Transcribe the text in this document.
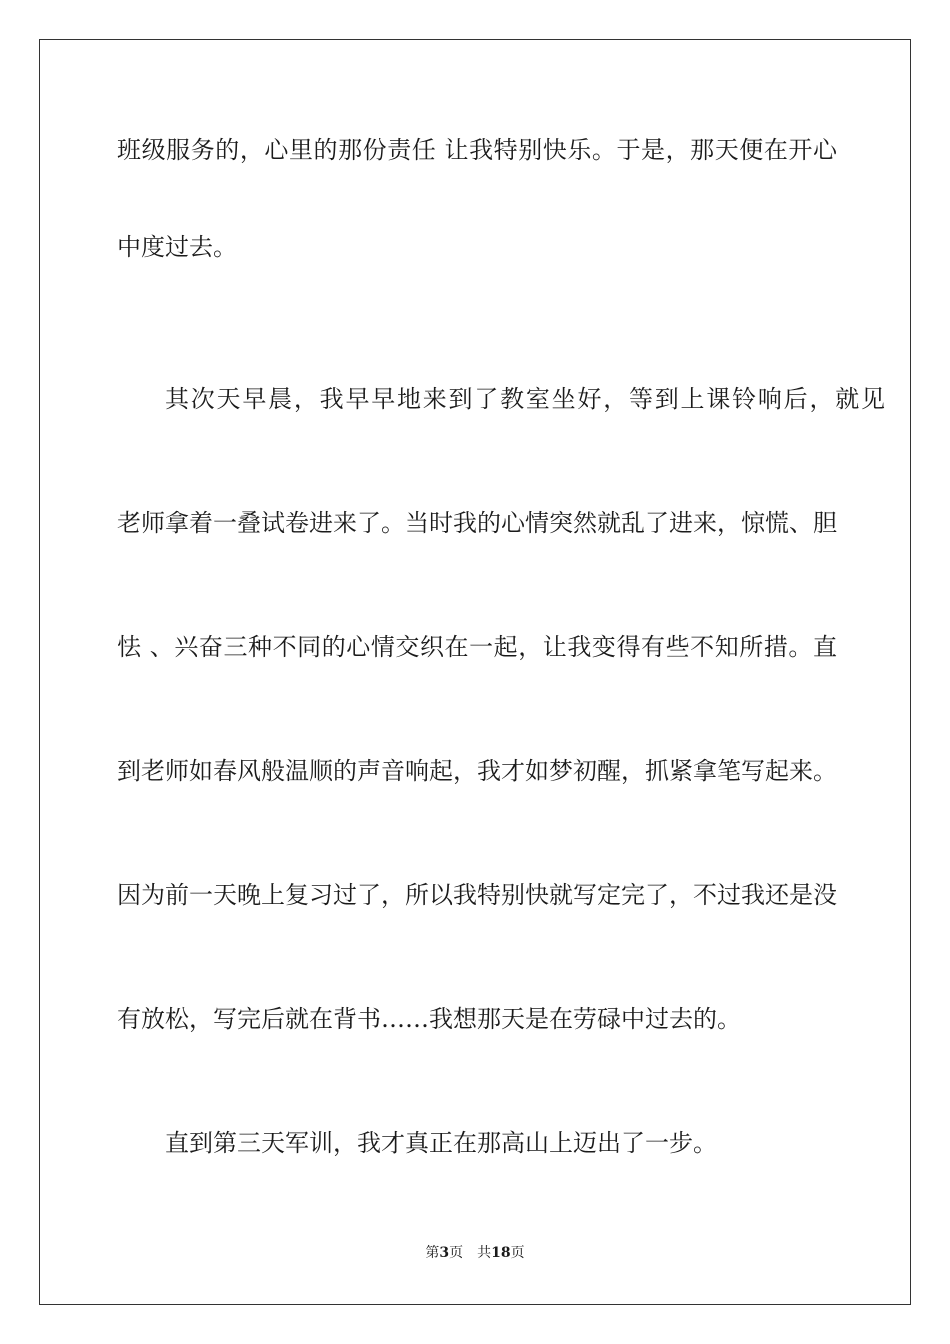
班级服务的，心里的那份责任 让我特别快乐。于是，那天便在开心
中度过去。
其次天早晨，我早早地来到了教室坐好，等到上课铃响后，就见
老师拿着一叠试卷进来了。当时我的心情突然就乱了进来，惊慌、胆
怯 、兴奋三种不同的心情交织在一起，让我变得有些不知所措。直
到老师如春风般温顺的声音响起，我才如梦初醒，抓紧拿笔写起来。
因为前一天晚上复习过了，所以我特别快就写定完了，不过我还是没
有放松，写完后就在背书……我想那天是在劳碌中过去的。
直到第三天军训，我才真正在那高山上迈出了一步。
第3页 共18页
